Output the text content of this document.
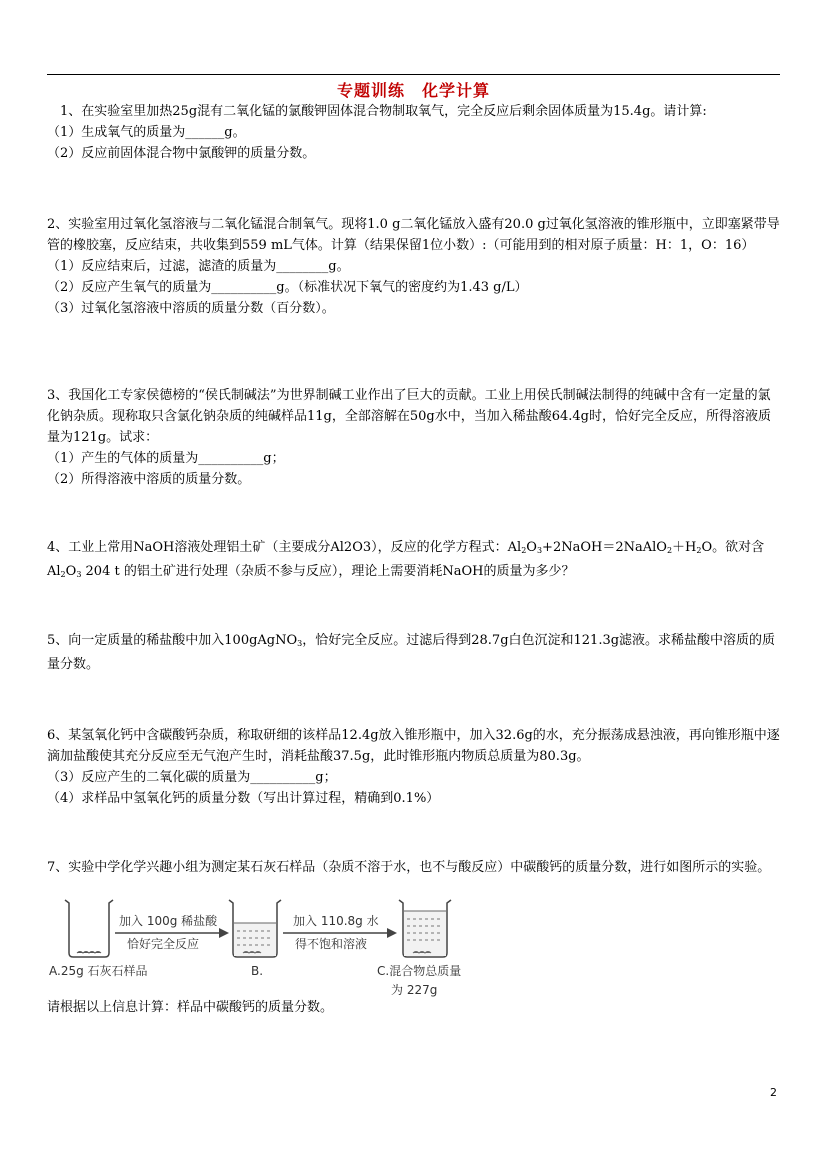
专题训练　化学计算

1、在实验室里加热25g混有二氧化锰的氯酸钾固体混合物制取氧气，完全反应后剩余固体质量为15.4g。请计算:

（1）生成氧气的质量为______g。

（2）反应前固体混合物中氯酸钾的质量分数。

2、实验室用过氧化氢溶液与二氧化锰混合制氧气。现将1.0 g二氧化锰放入盛有20.0 g过氧化氢溶液的锥形瓶中，立即塞紧带导管的橡胶塞，反应结束，共收集到559 mL气体。计算（结果保留1位小数）:（可能用到的相对原子质量：H：1，O：16）

（1）反应结束后，过滤，滤渣的质量为________g。

（2）反应产生氧气的质量为__________g。（标准状况下氧气的密度约为1.43 g/L）

（3）过氧化氢溶液中溶质的质量分数（百分数）。

3、我国化工专家侯德榜的“侯氏制碱法”为世界制碱工业作出了巨大的贡献。工业上用侯氏制碱法制得的纯碱中含有一定量的氯化钠杂质。现称取只含氯化钠杂质的纯碱样品11g，全部溶解在50g水中，当加入稀盐酸64.4g时，恰好完全反应，所得溶液质量为121g。试求：

（1）产生的气体的质量为__________g；

（2）所得溶液中溶质的质量分数。

4、工业上常用NaOH溶液处理铝土矿（主要成分Al2O3），反应的化学方程式：$Al_2O_3+2NaOH=2NaAlO_2+H_2O$。欲对含$Al_2O_3$ 204 t 的铝土矿进行处理（杂质不参与反应），理论上需要消耗NaOH的质量为多少？

5、向一定质量的稀盐酸中加入100gAgNO$_3$，恰好完全反应。过滤后得到28.7g白色沉淀和121.3g滤液。求稀盐酸中溶质的质量分数。

6、某氢氧化钙中含碳酸钙杂质，称取研细的该样品12.4g放入锥形瓶中，加入32.6g的水，充分振荡成悬浊液，再向锥形瓶中逐滴加盐酸使其充分反应至无气泡产生时，消耗盐酸37.5g，此时锥形瓶内物质总质量为80.3g。

（3）反应产生的二氧化碳的质量为__________g；

（4）求样品中氢氧化钙的质量分数（写出计算过程，精确到0.1%）

7、实验中学化学兴趣小组为测定某石灰石样品（杂质不溶于水，也不与酸反应）中碳酸钙的质量分数，进行如图所示的实验。

加入 100g 稀盐酸
恰好完全反应
加入 110.8g 水
得不饱和溶液
A.25g 石灰石样品	B.	C.混合物总质量
为 227g

请根据以上信息计算：样品中碳酸钙的质量分数。

2
